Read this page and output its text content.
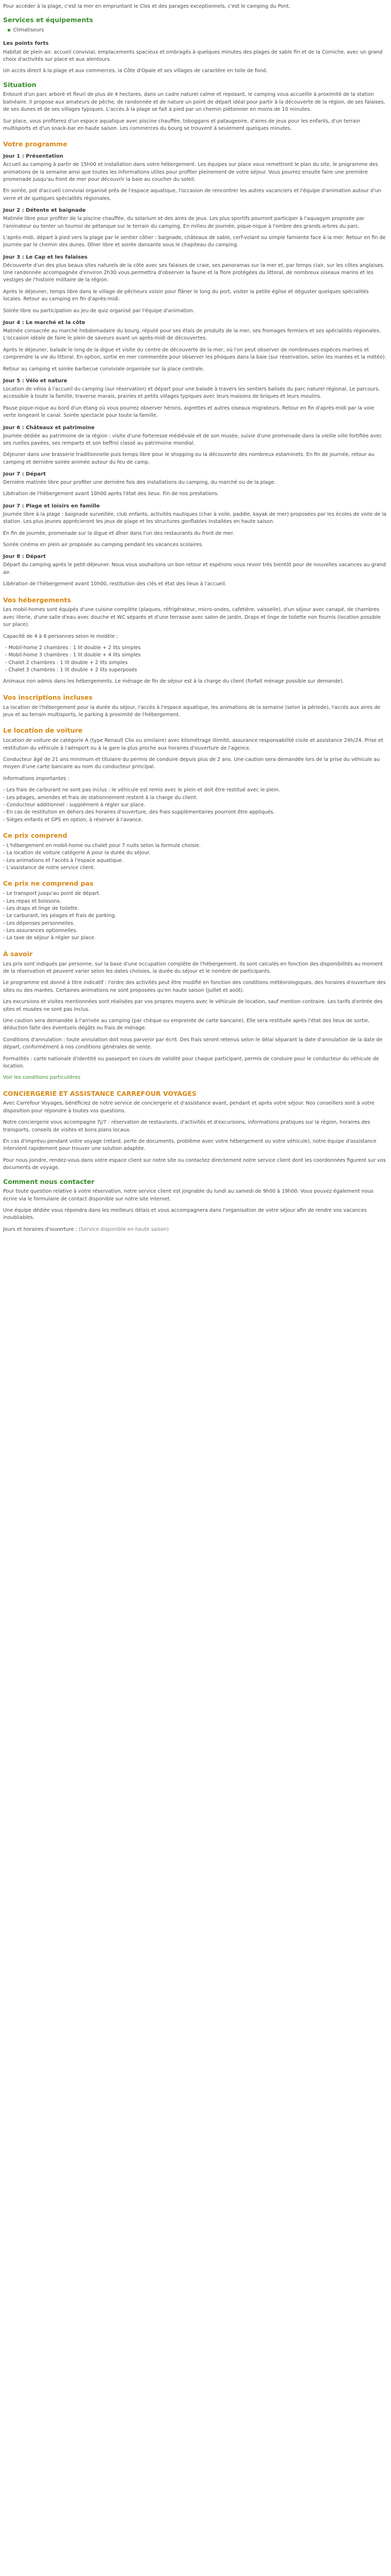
Pour accéder à la plage, c'est la mer en empruntant le Clos et des parages exceptionnels, c'est le camping du Pont.

Services et équipements
▪ Climatiseurs
Les points forts

Habitat de plein air, accueil convivial, emplacements spacieux et ombragés à quelques minutes des plages de sable fin et de la Corniche, avec un grand choix d'activités sur place et aux alentours.

Un accès direct à la plage et aux commerces, la Côte d'Opale et ses villages de caractère en toile de fond.

Situation

Entouré d'un parc arboré et fleuri de plus de 4 hectares, dans un cadre naturel calme et reposant, le camping vous accueille à proximité de la station balnéaire. Il propose aux amateurs de pêche, de randonnée et de nature un point de départ idéal pour partir à la découverte de la région, de ses falaises, de ses dunes et de ses villages typiques. L'accès à la plage se fait à pied par un chemin piétonnier en moins de 10 minutes.

Sur place, vous profiterez d'un espace aquatique avec piscine chauffée, toboggans et pataugeoire, d'aires de jeux pour les enfants, d'un terrain multisports et d'un snack-bar en haute saison. Les commerces du bourg se trouvent à seulement quelques minutes.

Votre programme
Jour 1 : Présentation

Accueil au camping à partir de 15h00 et installation dans votre hébergement. Les équipes sur place vous remettront le plan du site, le programme des animations de la semaine ainsi que toutes les informations utiles pour profiter pleinement de votre séjour. Vous pourrez ensuite faire une première promenade jusqu'au front de mer pour découvrir la baie au coucher du soleil.

En soirée, pot d'accueil convivial organisé près de l'espace aquatique, l'occasion de rencontrer les autres vacanciers et l'équipe d'animation autour d'un verre et de quelques spécialités régionales.

Jour 2 : Détente et baignade

Matinée libre pour profiter de la piscine chauffée, du solarium et des aires de jeux. Les plus sportifs pourront participer à l'aquagym proposée par l'animateur ou tenter un tournoi de pétanque sur le terrain du camping. En milieu de journée, pique-nique à l'ombre des grands arbres du parc.

L'après-midi, départ à pied vers la plage par le sentier côtier : baignade, châteaux de sable, cerf-volant ou simple farniente face à la mer. Retour en fin de journée par le chemin des dunes. Dîner libre et soirée dansante sous le chapiteau du camping.

Jour 3 : Le Cap et les falaises

Découverte d'un des plus beaux sites naturels de la côte avec ses falaises de craie, ses panoramas sur la mer et, par temps clair, sur les côtes anglaises. Une randonnée accompagnée d'environ 2h30 vous permettra d'observer la faune et la flore protégées du littoral, de nombreux oiseaux marins et les vestiges de l'histoire militaire de la région.

Après le déjeuner, temps libre dans le village de pêcheurs voisin pour flâner le long du port, visiter la petite église et déguster quelques spécialités locales. Retour au camping en fin d'après-midi.

Soirée libre ou participation au jeu de quiz organisé par l'équipe d'animation.

Jour 4 : Le marché et la côte

Matinée consacrée au marché hebdomadaire du bourg, réputé pour ses étals de produits de la mer, ses fromages fermiers et ses spécialités régionales. L'occasion idéale de faire le plein de saveurs avant un après-midi de découvertes.

Après le déjeuner, balade le long de la digue et visite du centre de découverte de la mer, où l'on peut observer de nombreuses espèces marines et comprendre la vie du littoral. En option, sortie en mer commentée pour observer les phoques dans la baie (sur réservation, selon les marées et la météo).

Retour au camping et soirée barbecue conviviale organisée sur la place centrale.

Jour 5 : Vélo et nature

Location de vélos à l'accueil du camping (sur réservation) et départ pour une balade à travers les sentiers balisés du parc naturel régional. Le parcours, accessible à toute la famille, traverse marais, prairies et petits villages typiques avec leurs maisons de briques et leurs moulins.

Pause pique-nique au bord d'un étang où vous pourrez observer hérons, aigrettes et autres oiseaux migrateurs. Retour en fin d'après-midi par la voie verte longeant le canal. Soirée spectacle pour toute la famille.

Jour 6 : Châteaux et patrimoine

Journée dédiée au patrimoine de la région : visite d'une forteresse médiévale et de son musée, suivie d'une promenade dans la vieille ville fortifiée avec ses ruelles pavées, ses remparts et son beffroi classé au patrimoine mondial.

Déjeuner dans une brasserie traditionnelle puis temps libre pour le shopping ou la découverte des nombreux estaminets. En fin de journée, retour au camping et dernière soirée animée autour du feu de camp.

Jour 7 : Départ

Dernière matinée libre pour profiter une dernière fois des installations du camping, du marché ou de la plage.

Libération de l'hébergement avant 10h00 après l'état des lieux. Fin de nos prestations.

Jour 7 : Plage et loisirs en famille

Journée libre à la plage : baignade surveillée, club enfants, activités nautiques (char à voile, paddle, kayak de mer) proposées par les écoles de voile de la station. Les plus jeunes apprécieront les jeux de plage et les structures gonflables installées en haute saison.

En fin de journée, promenade sur la digue et dîner dans l'un des restaurants du front de mer.

Soirée cinéma en plein air proposée au camping pendant les vacances scolaires.

Jour 8 : Départ

Départ du camping après le petit-déjeuner. Nous vous souhaitons un bon retour et espérons vous revoir très bientôt pour de nouvelles vacances au grand air.

Libération de l'hébergement avant 10h00, restitution des clés et état des lieux à l'accueil.

Vos hébergements

Les mobil-homes sont équipés d'une cuisine complète (plaques, réfrigérateur, micro-ondes, cafetière, vaisselle), d'un séjour avec canapé, de chambres avec literie, d'une salle d'eau avec douche et WC séparés et d'une terrasse avec salon de jardin. Draps et linge de toilette non fournis (location possible sur place).

Capacité de 4 à 6 personnes selon le modèle :

- Mobil-home 2 chambres : 1 lit double + 2 lits simples
- Mobil-home 3 chambres : 1 lit double + 4 lits simples
- Chalet 2 chambres : 1 lit double + 2 lits simples
- Chalet 3 chambres : 1 lit double + 2 lits superposés

Animaux non admis dans les hébergements. Le ménage de fin de séjour est à la charge du client (forfait ménage possible sur demande).

Vos inscriptions incluses

La location de l'hébergement pour la durée du séjour, l'accès à l'espace aquatique, les animations de la semaine (selon la période), l'accès aux aires de jeux et au terrain multisports, le parking à proximité de l'hébergement.

Le location de voiture

Location de voiture de catégorie A (type Renault Clio ou similaire) avec kilométrage illimité, assurance responsabilité civile et assistance 24h/24. Prise et restitution du véhicule à l'aéroport ou à la gare la plus proche aux horaires d'ouverture de l'agence.

Conducteur âgé de 21 ans minimum et titulaire du permis de conduire depuis plus de 2 ans. Une caution sera demandée lors de la prise du véhicule au moyen d'une carte bancaire au nom du conducteur principal.

Informations importantes :

- Les frais de carburant ne sont pas inclus : le véhicule est remis avec le plein et doit être restitué avec le plein.
- Les péages, amendes et frais de stationnement restent à la charge du client.
- Conducteur additionnel : supplément à régler sur place.
- En cas de restitution en dehors des horaires d'ouverture, des frais supplémentaires pourront être appliqués.

- Sièges enfants et GPS en option, à réserver à l'avance.

Ce prix comprend
- L'hébergement en mobil-home ou chalet pour 7 nuits selon la formule choisie.
- La location de voiture catégorie A pour la durée du séjour.
- Les animations et l'accès à l'espace aquatique.

- L'assistance de notre service client.

Ce prix ne comprend pas
- Le transport jusqu'au point de départ.
- Les repas et boissons.
- Les draps et linge de toilette.
- Le carburant, les péages et frais de parking.
- Les dépenses personnelles.
- Les assurances optionnelles.

- La taxe de séjour à régler sur place.

À savoir

Les prix sont indiqués par personne, sur la base d'une occupation complète de l'hébergement. Ils sont calculés en fonction des disponibilités au moment de la réservation et peuvent varier selon les dates choisies, la durée du séjour et le nombre de participants.

Le programme est donné à titre indicatif : l'ordre des activités peut être modifié en fonction des conditions météorologiques, des horaires d'ouverture des sites ou des marées. Certaines animations ne sont proposées qu'en haute saison (juillet et août).

Les excursions et visites mentionnées sont réalisées par vos propres moyens avec le véhicule de location, sauf mention contraire. Les tarifs d'entrée des sites et musées ne sont pas inclus.

Une caution sera demandée à l'arrivée au camping (par chèque ou empreinte de carte bancaire). Elle sera restituée après l'état des lieux de sortie, déduction faite des éventuels dégâts ou frais de ménage.

Conditions d'annulation : toute annulation doit nous parvenir par écrit. Des frais seront retenus selon le délai séparant la date d'annulation de la date de départ, conformément à nos conditions générales de vente.

Formalités : carte nationale d'identité ou passeport en cours de validité pour chaque participant, permis de conduire pour le conducteur du véhicule de location.

Voir les conditions particulières

CONCIERGERIE ET ASSISTANCE CARREFOUR VOYAGES

Avec Carrefour Voyages, bénéficiez de notre service de conciergerie et d'assistance avant, pendant et après votre séjour. Nos conseillers sont à votre disposition pour répondre à toutes vos questions.

Notre conciergerie vous accompagne 7j/7 : réservation de restaurants, d'activités et d'excursions, informations pratiques sur la région, horaires des transports, conseils de visites et bons plans locaux.

En cas d'imprévu pendant votre voyage (retard, perte de documents, problème avec votre hébergement ou votre véhicule), notre équipe d'assistance intervient rapidement pour trouver une solution adaptée.

Pour nous joindre, rendez-vous dans votre espace client sur notre site ou contactez directement notre service client dont les coordonnées figurent sur vos documents de voyage.

Comment nous contacter

Pour toute question relative à votre réservation, notre service client est joignable du lundi au samedi de 9h00 à 19h00. Vous pouvez également nous écrire via le formulaire de contact disponible sur notre site internet.

Une équipe dédiée vous répondra dans les meilleurs délais et vous accompagnera dans l'organisation de votre séjour afin de rendre vos vacances inoubliables.

Jours et horaires d'ouverture : (Service disponible en haute saison)
